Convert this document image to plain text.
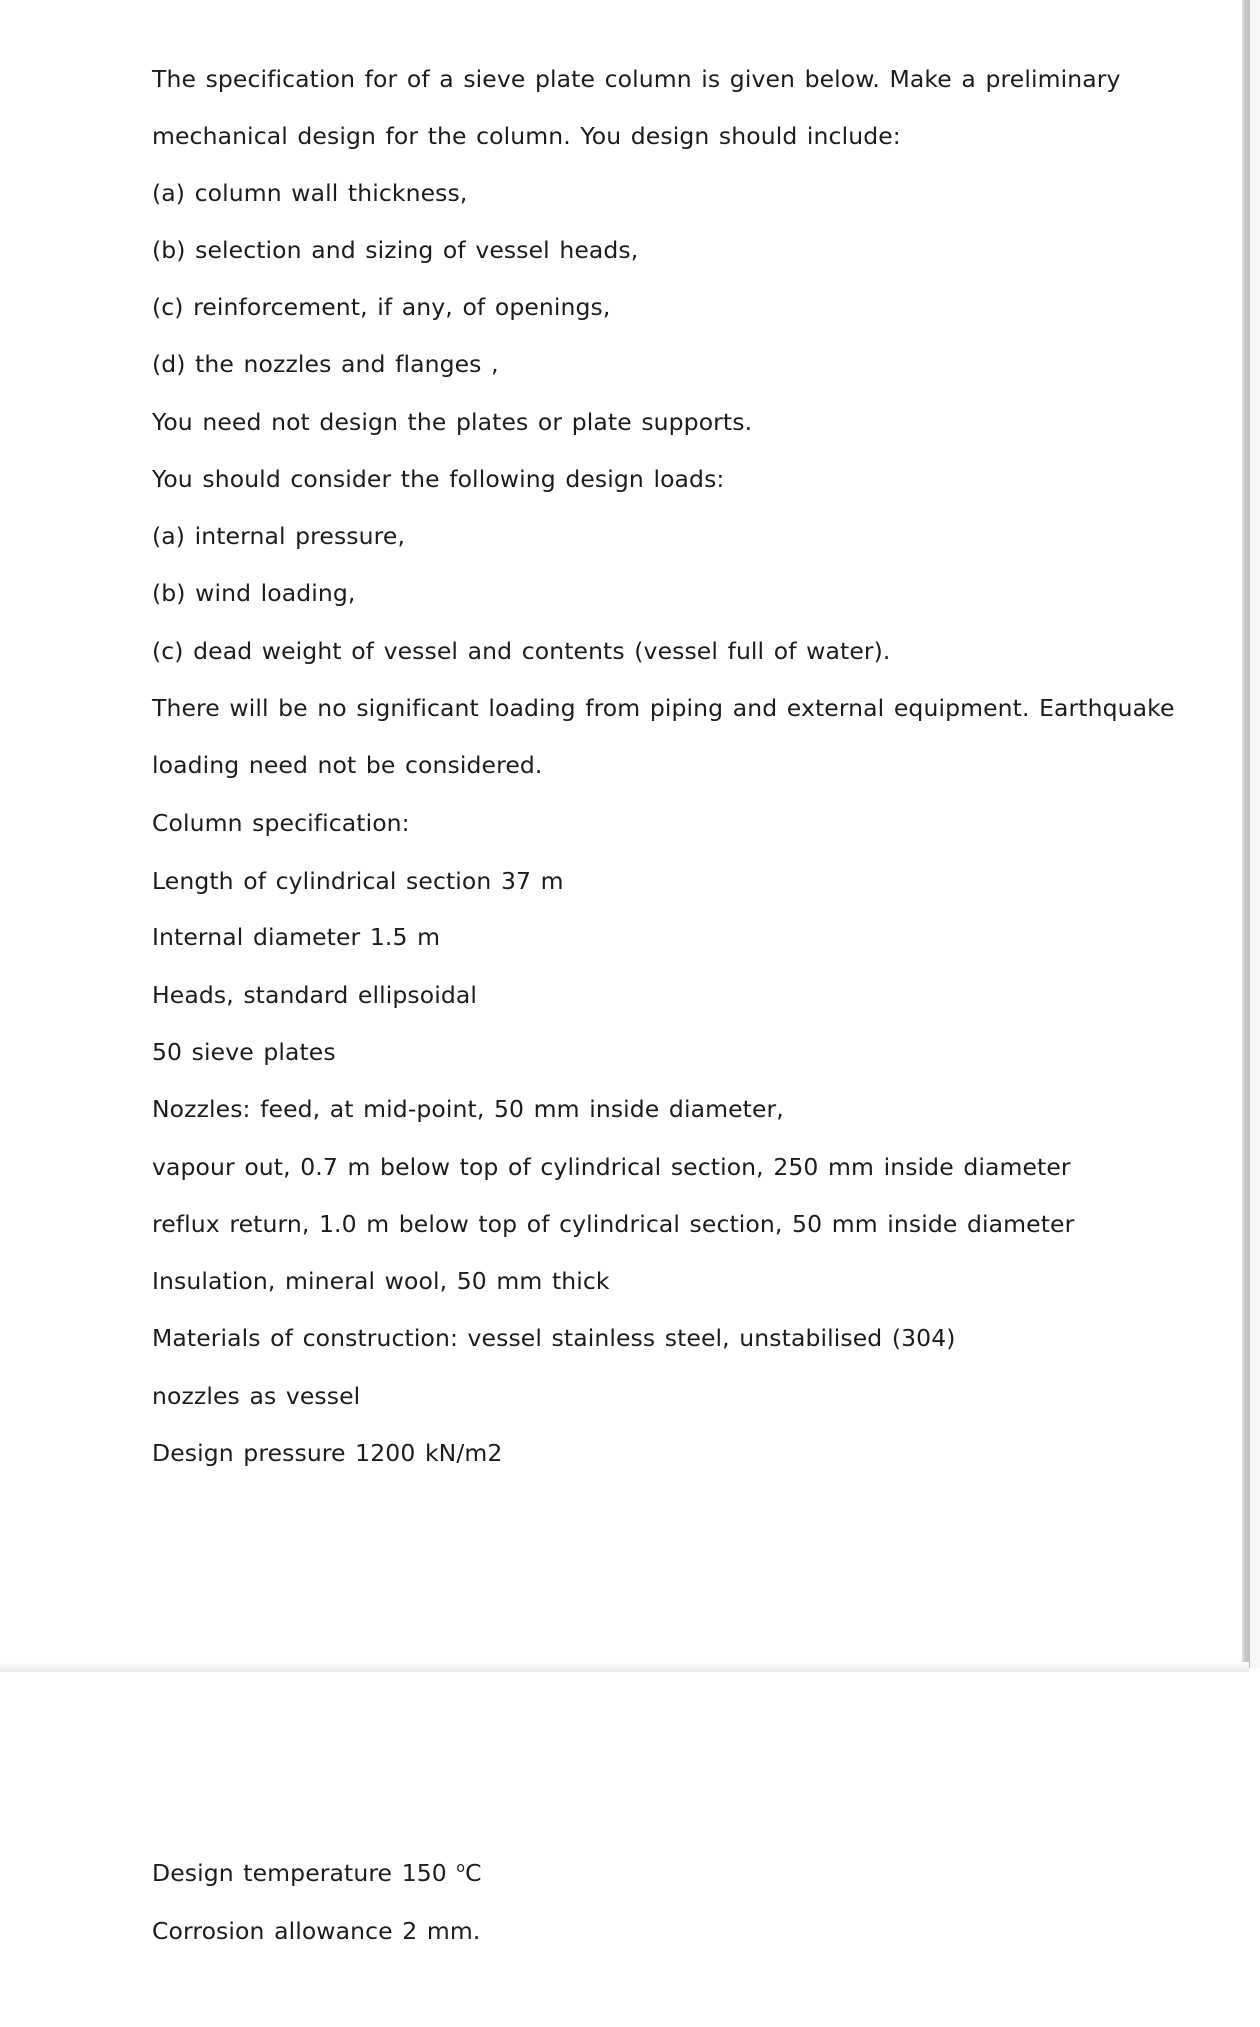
The specification for of a sieve plate column is given below. Make a preliminary

mechanical design for the column. You design should include:

(a) column wall thickness,

(b) selection and sizing of vessel heads,

(c) reinforcement, if any, of openings,

(d) the nozzles and flanges ,

You need not design the plates or plate supports.

You should consider the following design loads:

(a) internal pressure,

(b) wind loading,

(c) dead weight of vessel and contents (vessel full of water).

There will be no significant loading from piping and external equipment. Earthquake

loading need not be considered.

Column specification:

Length of cylindrical section 37 m

Internal diameter 1.5 m

Heads, standard ellipsoidal

50 sieve plates

Nozzles: feed, at mid-point, 50 mm inside diameter,

vapour out, 0.7 m below top of cylindrical section, 250 mm inside diameter

reflux return, 1.0 m below top of cylindrical section, 50 mm inside diameter

Insulation, mineral wool, 50 mm thick

Materials of construction: vessel stainless steel, unstabilised (304)

nozzles as vessel

Design pressure 1200 kN/m2

Design temperature 150 $^o$C

Corrosion allowance 2 mm.
